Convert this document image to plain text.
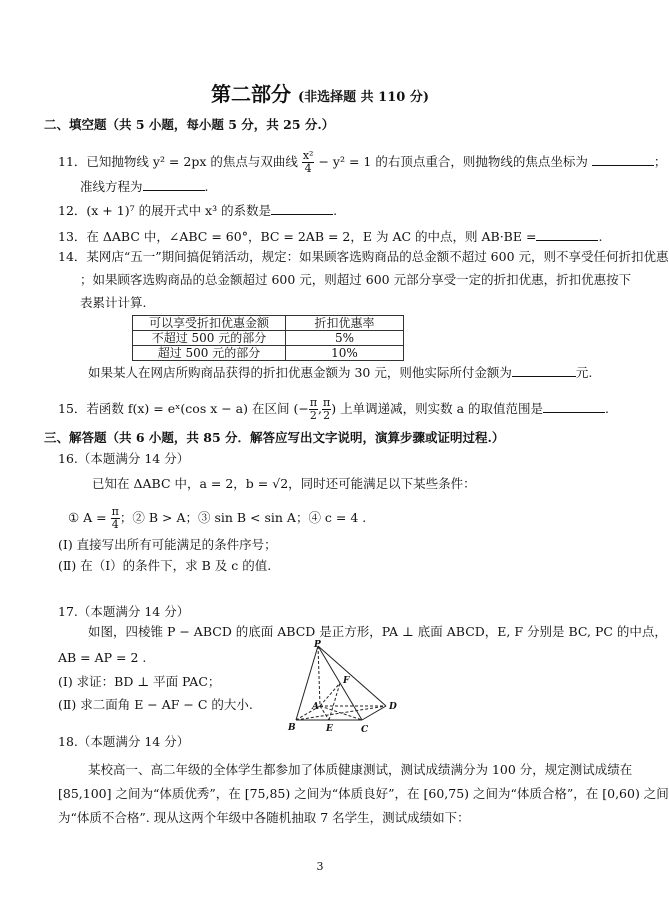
第二部分 (非选择题 共 110 分)
二、填空题（共 5 小题，每小题 5 分，共 25 分.）
11．已知抛物线 y² = 2px 的焦点与双曲线 $\frac{\text{x²}}{4} - y^2 = 1$ 的右顶点重合，则抛物线的焦点坐标为	；
准线方程为	.
12．(x + 1)⁷ 的展开式中 x³ 的系数是	.
13．在 ΔABC 中，∠ABC = 60°，BC = 2AB = 2，E 为 AC 的中点，则 AB·BE =	.
14．某网店“五一”期间搞促销活动，规定：如果顾客选购商品的总金额不超过 600 元，则不享受任何折扣优惠
；如果顾客选购商品的总金额超过 600 元，则超过 600 元部分享受一定的折扣优惠，折扣优惠按下
表累计计算.
可以享受折扣优惠金额	折扣优惠率
不超过 500 元的部分	5%
超过 500 元的部分	10%
如果某人在网店所购商品获得的折扣优惠金额为 30 元，则他实际所付金额为	元.
15．若函数 f(x) = eˣ(cos x − a) 在区间 (− $\frac{\pi}{2}$ , $\frac{\pi}{2}$ ) 上单调递减，则实数 a 的取值范围是	.
三、解答题（共 6 小题，共 85 分．解答应写出文字说明，演算步骤或证明过程.）
16.（本题满分 14 分）
已知在 ΔABC 中，a = 2，b = √2，同时还可能满足以下某些条件：
① $A = \frac{\pi}{4}$ ；② B > A；③ sin B < sin A；④ c = 4 .
(Ⅰ) 直接写出所有可能满足的条件序号；
(Ⅱ) 在（Ⅰ）的条件下，求 B 及 c 的值.
17.（本题满分 14 分）
如图，四棱锥 P − ABCD 的底面 ABCD 是正方形，PA ⊥ 底面 ABCD，E, F 分别是 BC, PC 的中点，
AB = AP = 2 .
(Ⅰ) 求证：BD ⊥ 平面 PAC；
(Ⅱ) 求二面角 E − AF − C 的大小.
P
F
A
B	E	C
D
18.（本题满分 14 分）
某校高一、高二年级的全体学生都参加了体质健康测试，测试成绩满分为 100 分，规定测试成绩在
[85,100] 之间为“体质优秀”，在 [75,85) 之间为“体质良好”，在 [60,75) 之间为“体质合格”，在 [0,60) 之间
为“体质不合格”. 现从这两个年级中各随机抽取 7 名学生，测试成绩如下：
3
